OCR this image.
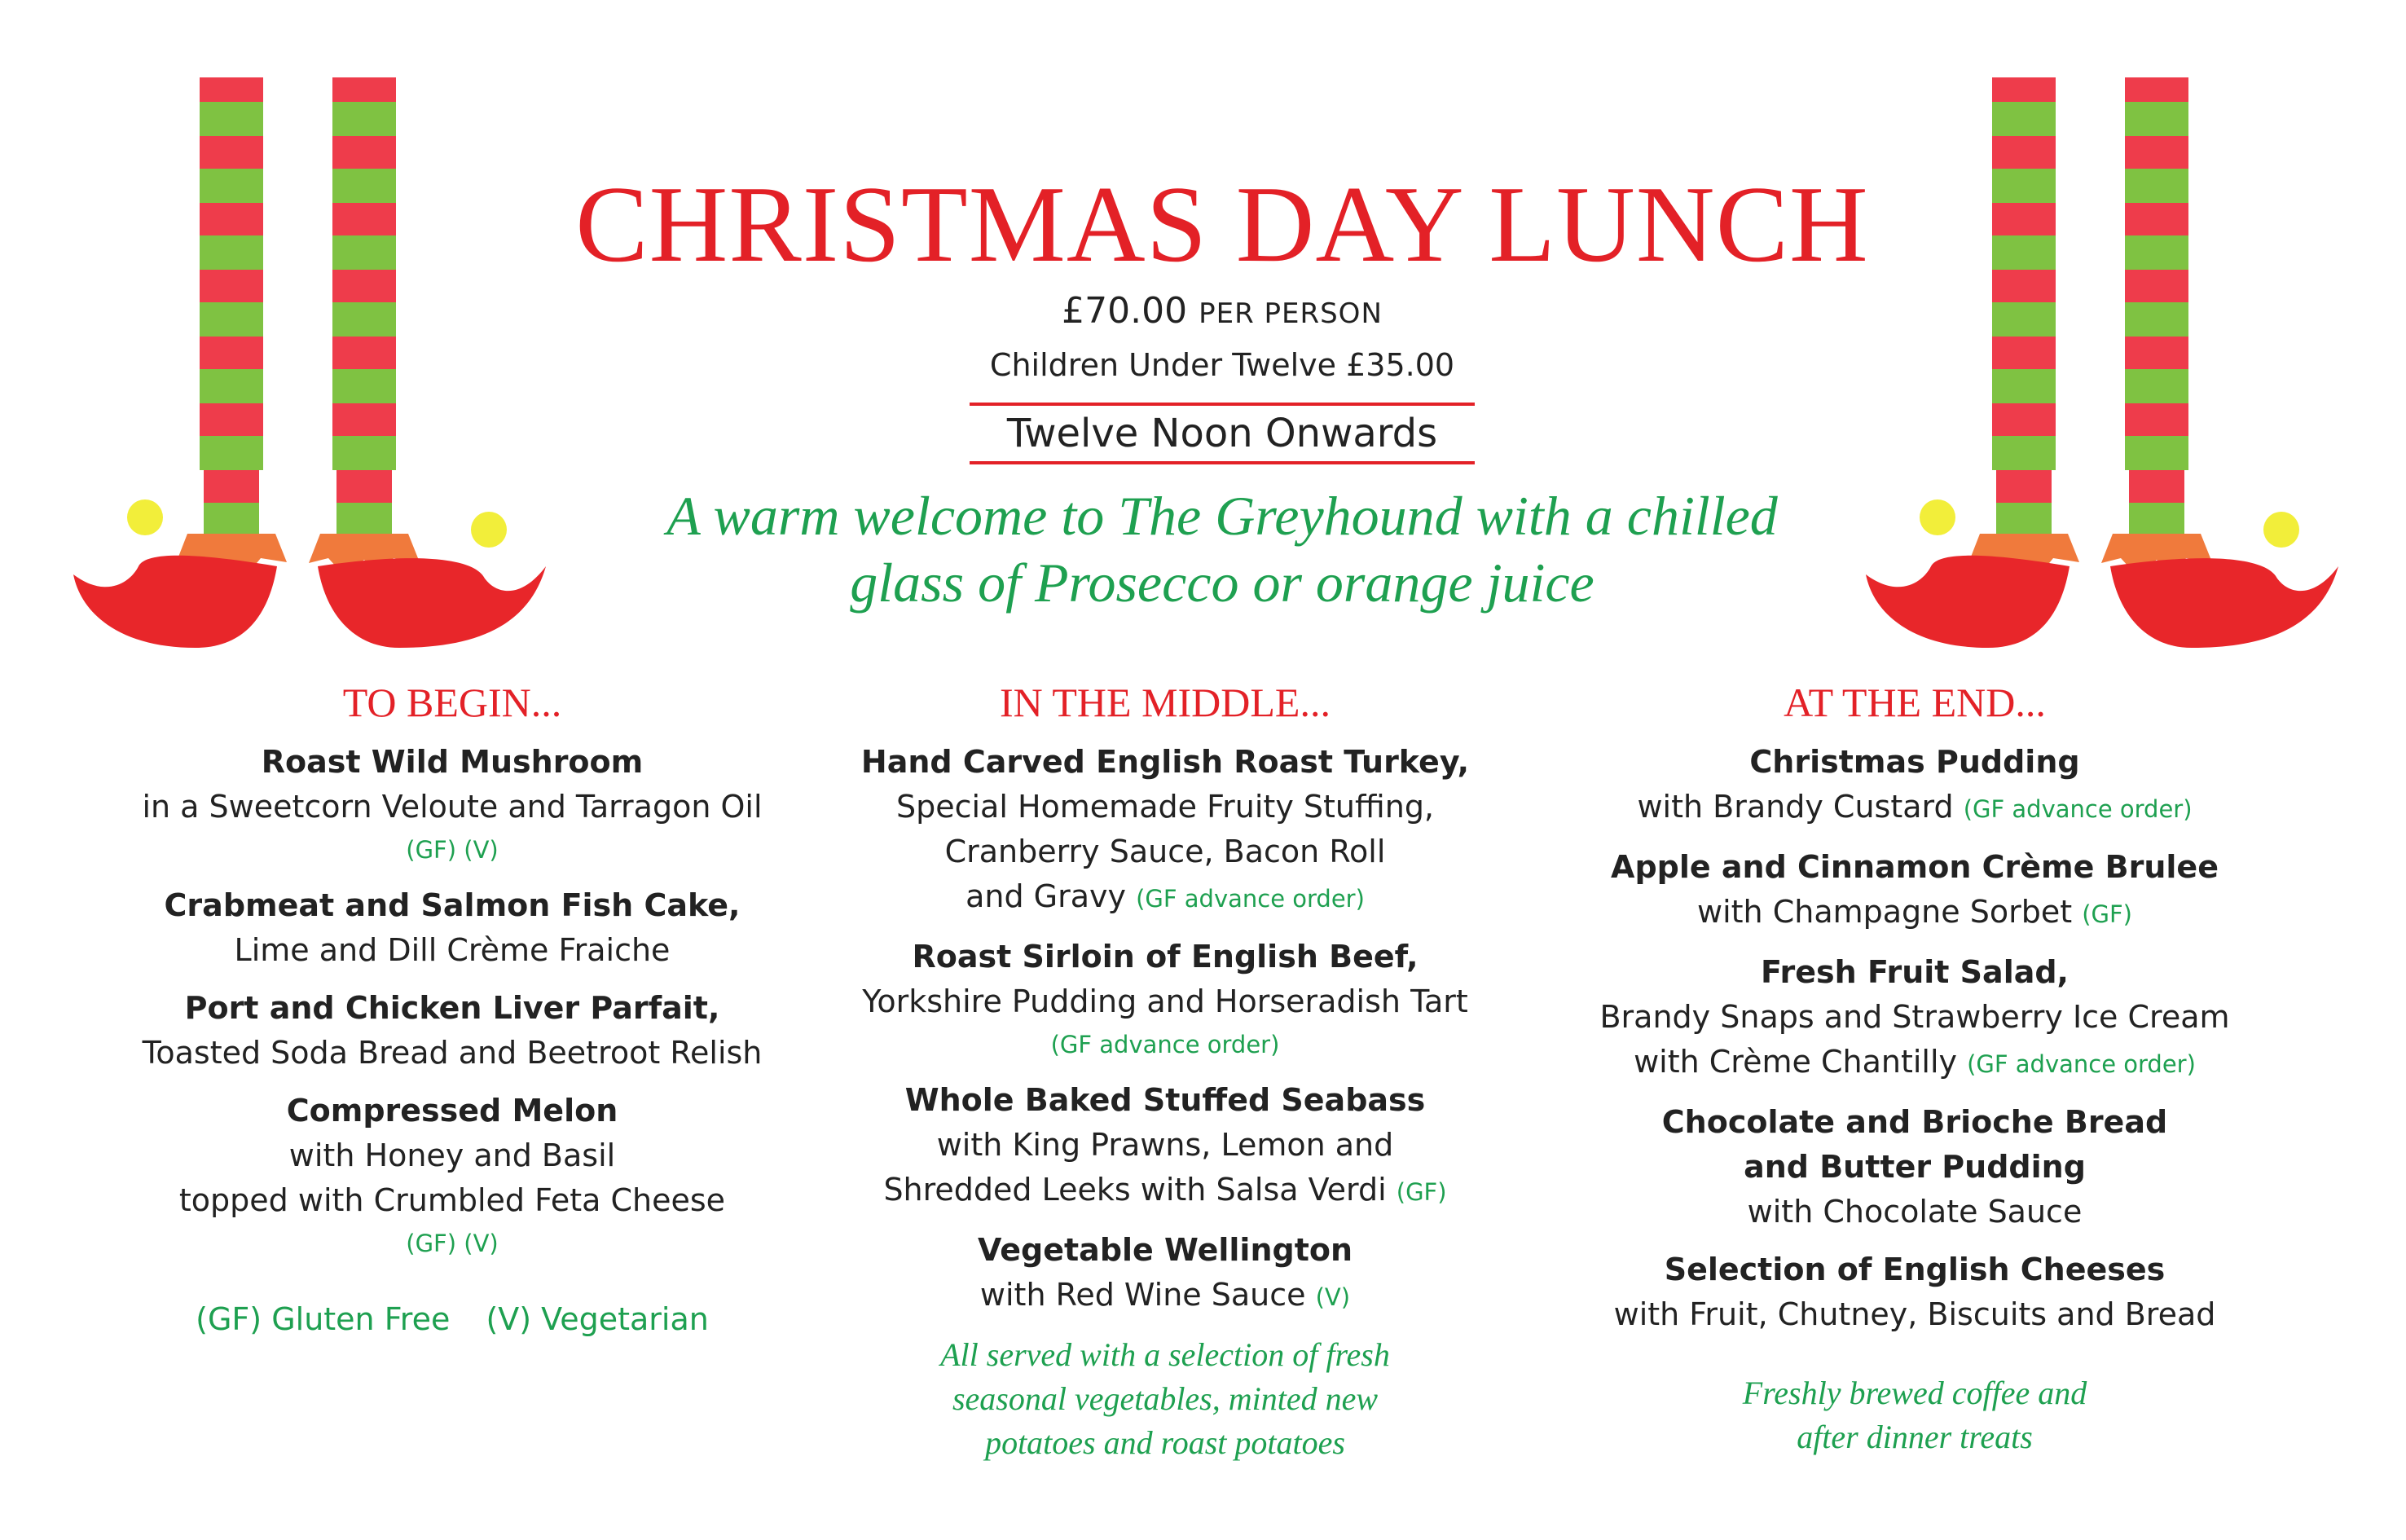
CHRISTMAS DAY LUNCH
£70.00 PER PERSON
Children Under Twelve £35.00
Twelve Noon Onwards
A warm welcome to The Greyhound with a chilled
glass of Prosecco or orange juice
TO BEGIN...
Roast Wild Mushroom
in a Sweetcorn Veloute and Tarragon Oil
(GF) (V)
Crabmeat and Salmon Fish Cake,
Lime and Dill Crème Fraiche
Port and Chicken Liver Parfait,
Toasted Soda Bread and Beetroot Relish
Compressed Melon
with Honey and Basil
topped with Crumbled Feta Cheese
(GF) (V)
(GF) Gluten Free (V) Vegetarian
IN THE MIDDLE...
Hand Carved English Roast Turkey,
Special Homemade Fruity Stuffing,
Cranberry Sauce, Bacon Roll
and Gravy (GF advance order)
Roast Sirloin of English Beef,
Yorkshire Pudding and Horseradish Tart
(GF advance order)
Whole Baked Stuffed Seabass
with King Prawns, Lemon and
Shredded Leeks with Salsa Verdi (GF)
Vegetable Wellington
with Red Wine Sauce (V)
All served with a selection of fresh
seasonal vegetables, minted new
potatoes and roast potatoes
AT THE END...
Christmas Pudding
with Brandy Custard (GF advance order)
Apple and Cinnamon Crème Brulee
with Champagne Sorbet (GF)
Fresh Fruit Salad,
Brandy Snaps and Strawberry Ice Cream
with Crème Chantilly (GF advance order)
Chocolate and Brioche Bread
and Butter Pudding
with Chocolate Sauce
Selection of English Cheeses
with Fruit, Chutney, Biscuits and Bread
Freshly brewed coffee and
after dinner treats
